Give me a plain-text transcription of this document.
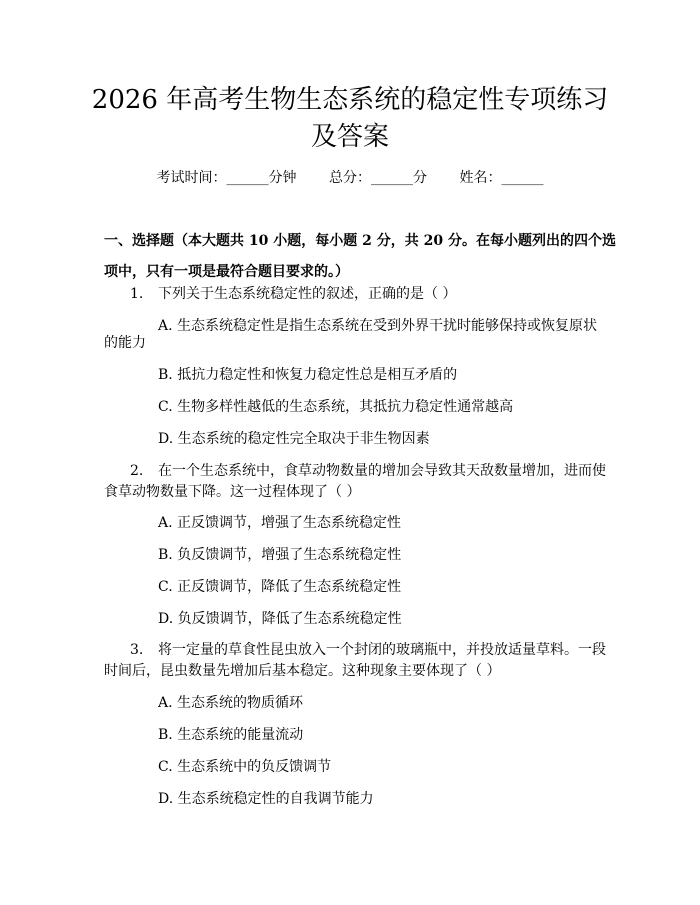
2026 年高考生物生态系统的稳定性专项练习
及答案
考试时间：______分钟 总分：______分 姓名：______
一、选择题（本大题共 10 小题，每小题 2 分，共 20 分。在每小题列出的四个选
项中，只有一项是最符合题目要求的。）
1. 下列关于生态系统稳定性的叙述，正确的是（ ）
A. 生态系统稳定性是指生态系统在受到外界干扰时能够保持或恢复原状
的能力
B. 抵抗力稳定性和恢复力稳定性总是相互矛盾的
C. 生物多样性越低的生态系统，其抵抗力稳定性通常越高
D. 生态系统的稳定性完全取决于非生物因素
2. 在一个生态系统中，食草动物数量的增加会导致其天敌数量增加，进而使
食草动物数量下降。这一过程体现了（ ）
A. 正反馈调节，增强了生态系统稳定性
B. 负反馈调节，增强了生态系统稳定性
C. 正反馈调节，降低了生态系统稳定性
D. 负反馈调节，降低了生态系统稳定性
3. 将一定量的草食性昆虫放入一个封闭的玻璃瓶中，并投放适量草料。一段
时间后，昆虫数量先增加后基本稳定。这种现象主要体现了（ ）
A. 生态系统的物质循环
B. 生态系统的能量流动
C. 生态系统中的负反馈调节
D. 生态系统稳定性的自我调节能力
